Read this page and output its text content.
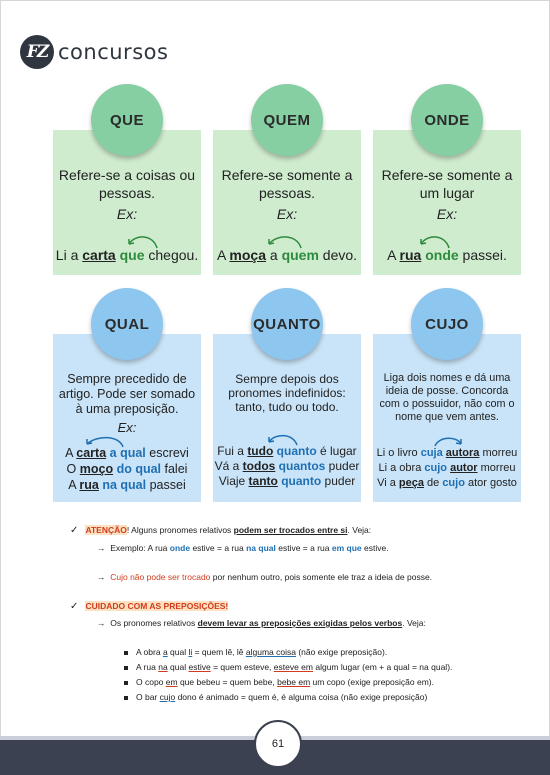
FZ concursos
QUE
Refere-se a coisas ou pessoas.
Ex:
Li a carta que chegou.
QUEM
Refere-se somente a pessoas.
Ex:
A moça a quem devo.
ONDE
Refere-se somente a um lugar
Ex:
A rua onde passei.
QUAL
Sempre precedido de artigo. Pode ser somado à uma preposição.
Ex:
A carta a qual escrevi
O moço do qual falei
A rua na qual passei
QUANTO
Sempre depois dos pronomes indefinidos: tanto, tudo ou todo.
Fui a tudo quanto é lugar
Vá a todos quantos puder
Viaje tanto quanto puder
CUJO
Liga dois nomes e dá uma ideia de posse. Concorda com o possuidor, não com o nome que vem antes.
Li o livro cuja autora morreu
Li a obra cujo autor morreu
Vi a peça de cujo ator gosto
✓ ATENÇÃO! Alguns pronomes relativos podem ser trocados entre si. Veja:
→ Exemplo: A rua onde estive = a rua na qual estive = a rua em que estive.
→ Cujo não pode ser trocado por nenhum outro, pois somente ele traz a ideia de posse.
✓ CUIDADO COM AS PREPOSIÇÕES!
→ Os pronomes relativos devem levar as preposições exigidas pelos verbos. Veja:
A obra a qual li = quem lê, lê alguma coisa (não exige preposição).
A rua na qual estive = quem esteve, esteve em algum lugar (em + a qual = na qual).
O copo em que bebeu = quem bebe, bebe em um copo (exige preposição em).
O bar cujo dono é animado = quem é, é alguma coisa (não exige preposição)
61
